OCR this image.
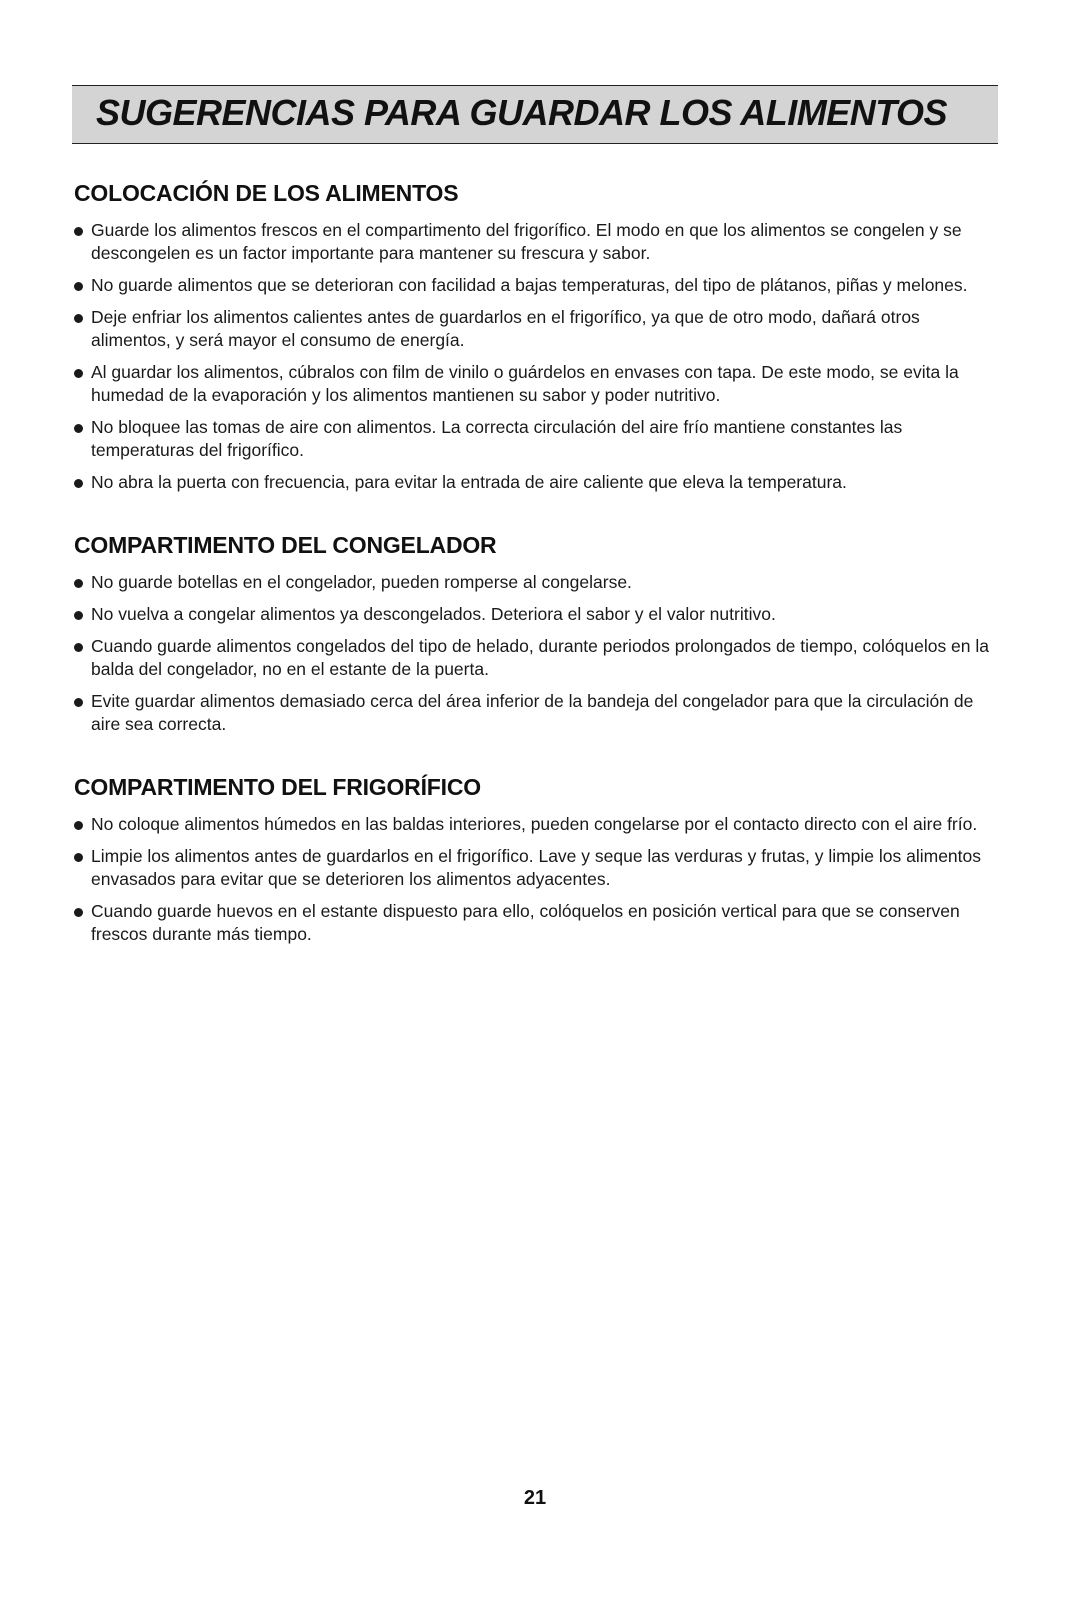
SUGERENCIAS PARA GUARDAR LOS ALIMENTOS
COLOCACIÓN DE LOS ALIMENTOS
Guarde los alimentos frescos en el compartimento del frigorífico. El modo en que los alimentos se congelen y se descongelen es un factor importante para mantener su frescura y sabor.
No guarde alimentos que se deterioran con facilidad a bajas temperaturas, del tipo de plátanos, piñas y melones.
Deje enfriar los alimentos calientes antes de guardarlos en el frigorífico, ya que de otro modo, dañará otros alimentos, y será mayor el consumo de energía.
Al guardar los alimentos, cúbralos con film de vinilo o guárdelos en envases con tapa. De este modo, se evita la humedad de la evaporación y los alimentos mantienen su sabor y poder nutritivo.
No bloquee las tomas de aire con alimentos. La correcta circulación del aire frío mantiene constantes las temperaturas del frigorífico.
No abra la puerta con frecuencia, para evitar la entrada de aire caliente que eleva la temperatura.
COMPARTIMENTO DEL CONGELADOR
No guarde botellas en el congelador, pueden romperse al congelarse.
No vuelva a congelar alimentos ya descongelados. Deteriora el sabor y el valor nutritivo.
Cuando guarde alimentos congelados del tipo de helado, durante periodos prolongados de tiempo, colóquelos en la balda del congelador, no en el estante de la puerta.
Evite guardar alimentos demasiado cerca del área inferior de la bandeja del congelador para que la circulación de aire sea correcta.
COMPARTIMENTO DEL FRIGORÍFICO
No coloque alimentos húmedos en las baldas interiores, pueden congelarse por el contacto directo con el aire frío.
Limpie los alimentos antes de guardarlos en el frigorífico. Lave y seque las verduras y frutas, y limpie los alimentos envasados para evitar que se deterioren los alimentos adyacentes.
Cuando guarde huevos en el estante dispuesto para ello, colóquelos en posición vertical para que se conserven frescos durante más tiempo.
21
